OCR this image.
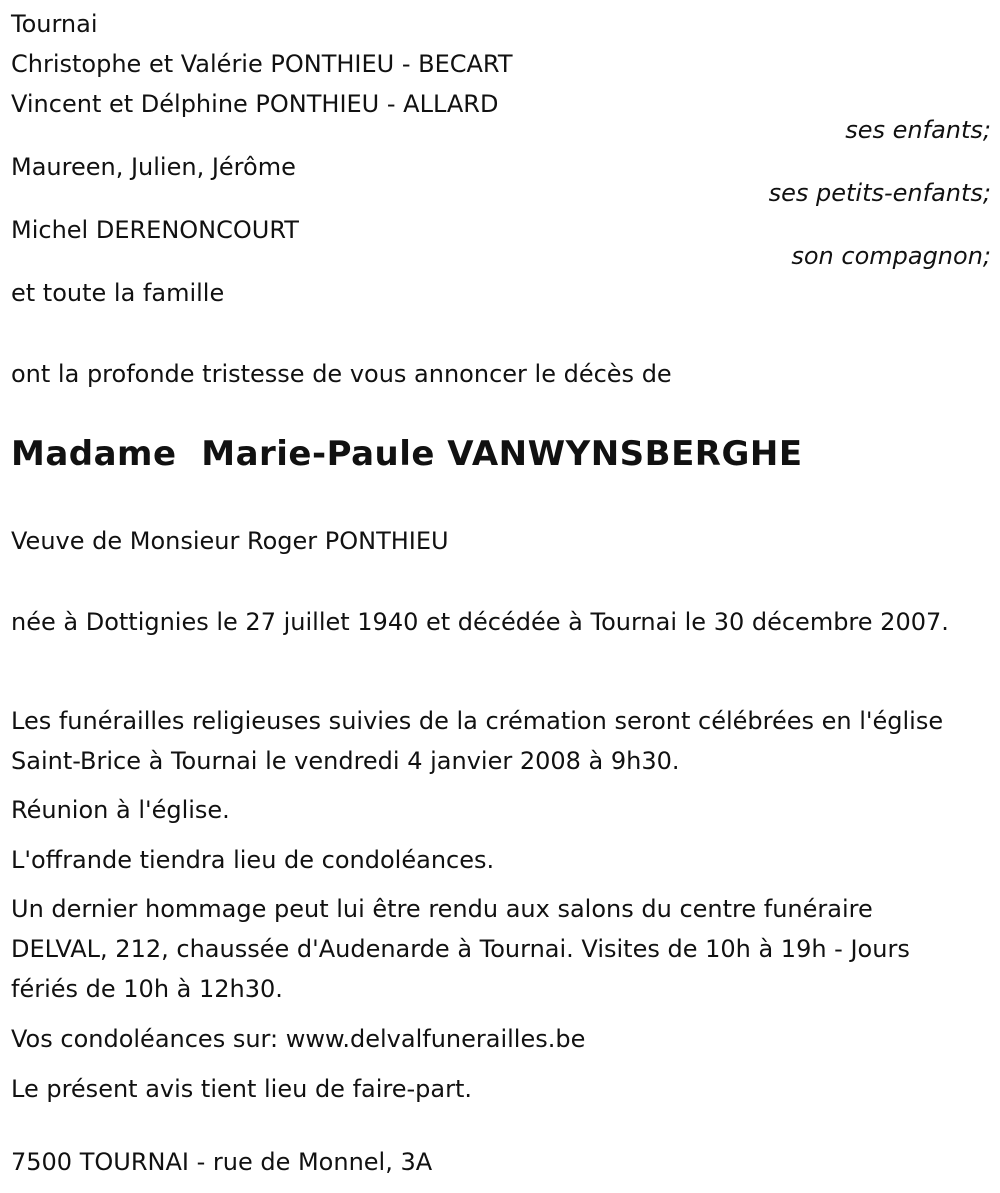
Tournai
Christophe et Valérie PONTHIEU - BECART
Vincent et Délphine PONTHIEU - ALLARD
ses enfants;
Maureen, Julien, Jérôme
ses petits-enfants;
Michel DERENONCOURT
son compagnon;
et toute la famille
ont la profonde tristesse de vous annoncer le décès de
Madame Marie-Paule VANWYNSBERGHE
Veuve de Monsieur Roger PONTHIEU
née à Dottignies le 27 juillet 1940 et décédée à Tournai le 30 décembre 2007.
Les funérailles religieuses suivies de la crémation seront célébrées en l'église Saint-Brice à Tournai le vendredi 4 janvier 2008 à 9h30.
Réunion à l'église.
L'offrande tiendra lieu de condoléances.
Un dernier hommage peut lui être rendu aux salons du centre funéraire DELVAL, 212, chaussée d'Audenarde à Tournai. Visites de 10h à 19h - Jours fériés de 10h à 12h30.
Vos condoléances sur: www.delvalfunerailles.be
Le présent avis tient lieu de faire-part.
7500 TOURNAI - rue de Monnel, 3A
